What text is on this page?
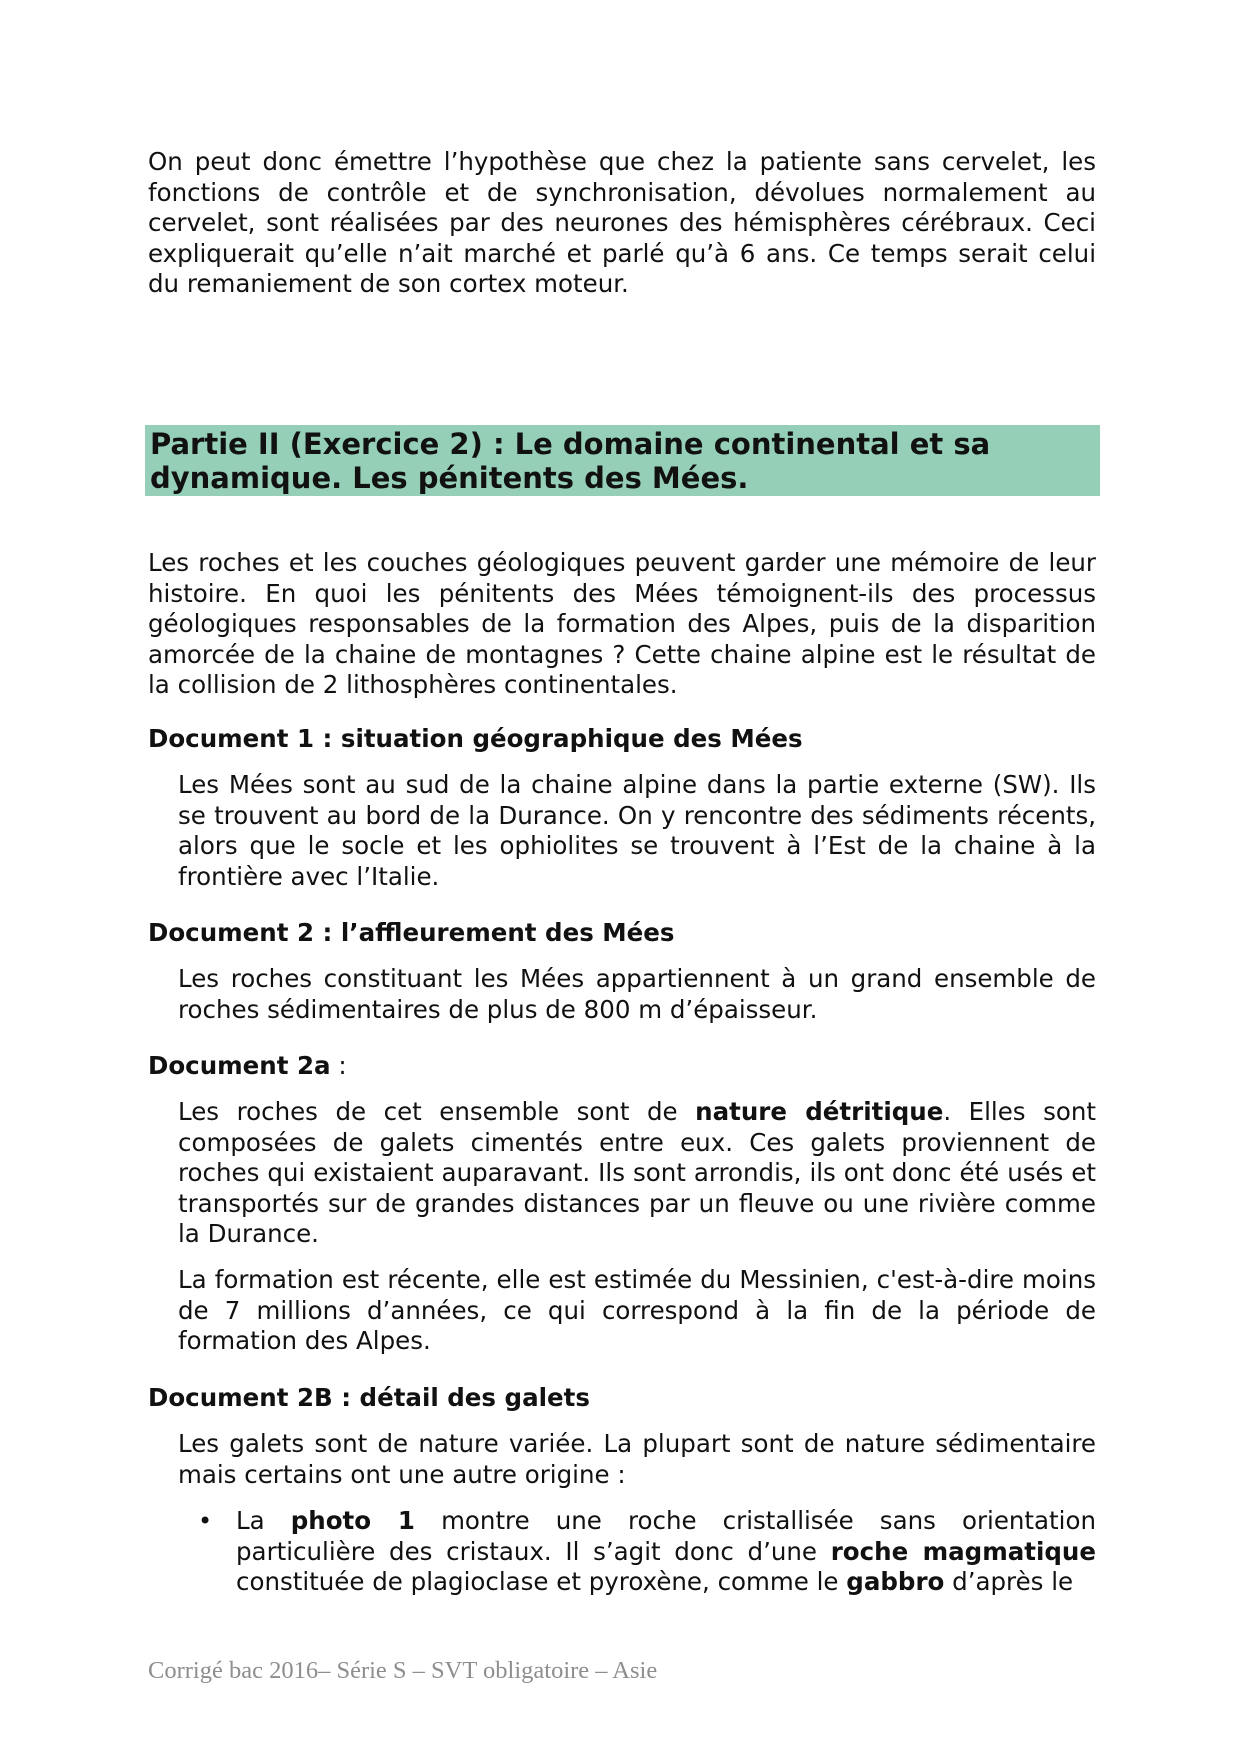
On peut donc émettre l’hypothèse que chez la patiente sans cervelet, les fonctions de contrôle et de synchronisation, dévolues normalement au cervelet, sont réalisées par des neurones des hémisphères cérébraux. Ceci expliquerait qu’elle n’ait marché et parlé qu’à 6 ans. Ce temps serait celui du remaniement de son cortex moteur.

Partie II (Exercice 2) : Le domaine continental et sa dynamique. Les pénitents des Mées.

Les roches et les couches géologiques peuvent garder une mémoire de leur histoire. En quoi les pénitents des Mées témoignent-ils des processus géologiques responsables de la formation des Alpes, puis de la disparition amorcée de la chaine de montagnes ? Cette chaine alpine est le résultat de la collision de 2 lithosphères continentales.

Document 1 : situation géographique des Mées

Les Mées sont au sud de la chaine alpine dans la partie externe (SW). Ils se trouvent au bord de la Durance. On y rencontre des sédiments récents, alors que le socle et les ophiolites se trouvent à l’Est de la chaine à la frontière avec l’Italie.

Document 2 : l’affleurement des Mées

Les roches constituant les Mées appartiennent à un grand ensemble de roches sédimentaires de plus de 800 m d’épaisseur.

Document 2a :

Les roches de cet ensemble sont de nature détritique. Elles sont composées de galets cimentés entre eux. Ces galets proviennent de roches qui existaient auparavant. Ils sont arrondis, ils ont donc été usés et transportés sur de grandes distances par un fleuve ou une rivière comme la Durance.

La formation est récente, elle est estimée du Messinien, c'est-à-dire moins de 7 millions d’années, ce qui correspond à la fin de la période de formation des Alpes.

Document 2B : détail des galets

Les galets sont de nature variée. La plupart sont de nature sédimentaire mais certains ont une autre origine :

• La photo 1 montre une roche cristallisée sans orientation particulière des cristaux. Il s’agit donc d’une roche magmatique constituée de plagioclase et pyroxène, comme le gabbro d’après le

Corrigé bac 2016– Série S – SVT obligatoire – Asie
